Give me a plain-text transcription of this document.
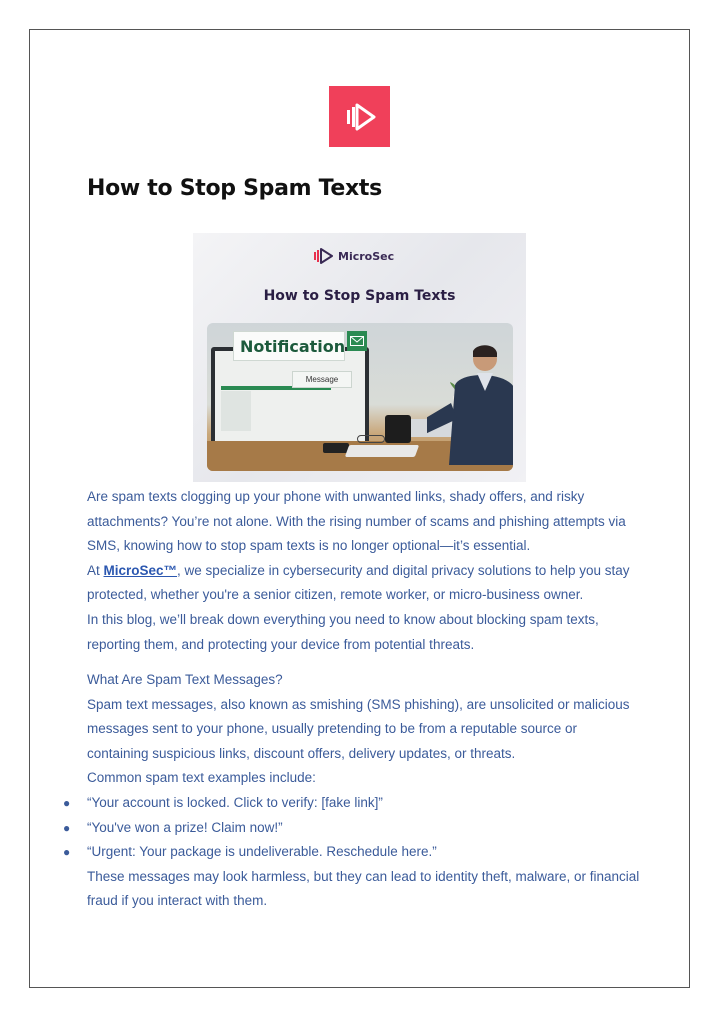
How to Stop Spam Texts
MicroSec
How to Stop Spam Texts
Notification
Message

Are spam texts clogging up your phone with unwanted links, shady offers, and risky attachments? You’re not alone. With the rising number of scams and phishing attempts via SMS, knowing how to stop spam texts is no longer optional—it’s essential.

At MicroSec™, we specialize in cybersecurity and digital privacy solutions to help you stay protected, whether you're a senior citizen, remote worker, or micro-business owner.

In this blog, we’ll break down everything you need to know about blocking spam texts, reporting them, and protecting your device from potential threats.

What Are Spam Text Messages?

Spam text messages, also known as smishing (SMS phishing), are unsolicited or malicious messages sent to your phone, usually pretending to be from a reputable source or containing suspicious links, discount offers, delivery updates, or threats.

Common spam text examples include:

● “Your account is locked. Click to verify: [fake link]”
● “You've won a prize! Claim now!”
● “Urgent: Your package is undeliverable. Reschedule here.”

These messages may look harmless, but they can lead to identity theft, malware, or financial fraud if you interact with them.
